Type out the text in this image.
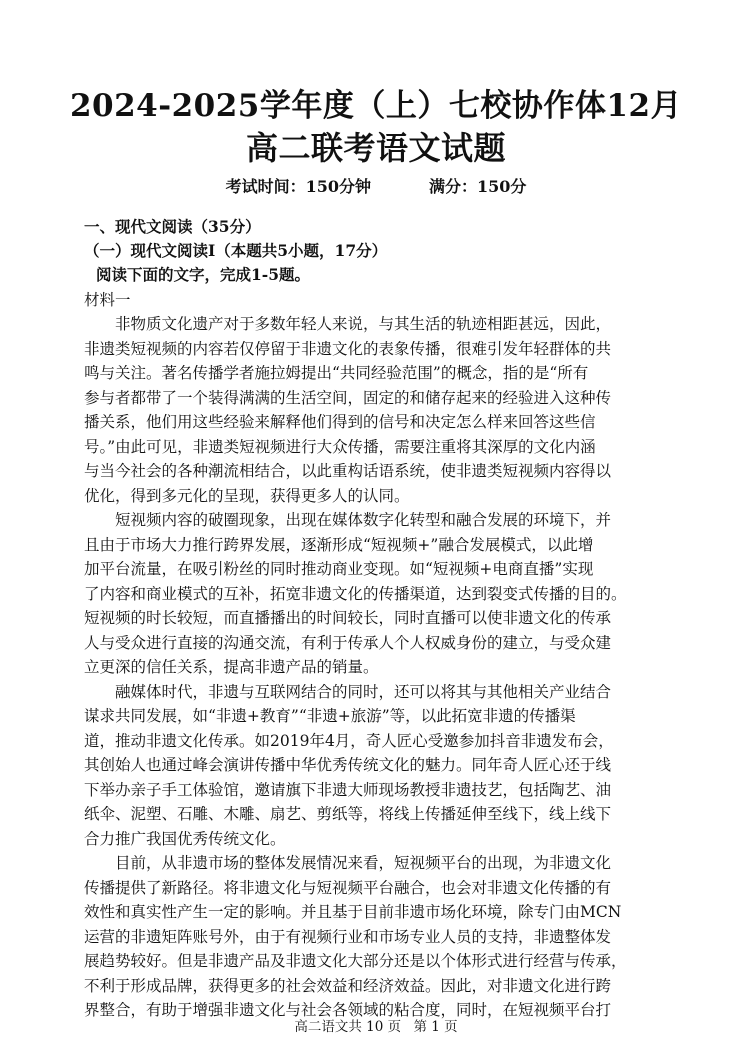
2024-2025学年度（上）七校协作体12月
高二联考语文试题
考试时间：150分钟	满分：150分
一、现代文阅读（35分）
（一）现代文阅读Ⅰ（本题共5小题，17分）
阅读下面的文字，完成1-5题。
材料一
　　非物质文化遗产对于多数年轻人来说，与其生活的轨迹相距甚远，因此，
非遗类短视频的内容若仅停留于非遗文化的表象传播，很难引发年轻群体的共
鸣与关注。著名传播学者施拉姆提出“共同经验范围”的概念，指的是“所有
参与者都带了一个装得满满的生活空间，固定的和储存起来的经验进入这种传
播关系，他们用这些经验来解释他们得到的信号和决定怎么样来回答这些信
号。”由此可见，非遗类短视频进行大众传播，需要注重将其深厚的文化内涵
与当今社会的各种潮流相结合，以此重构话语系统，使非遗类短视频内容得以
优化，得到多元化的呈现，获得更多人的认同。
　　短视频内容的破圈现象，出现在媒体数字化转型和融合发展的环境下，并
且由于市场大力推行跨界发展，逐渐形成“短视频+”融合发展模式，以此增
加平台流量，在吸引粉丝的同时推动商业变现。如“短视频+电商直播”实现
了内容和商业模式的互补，拓宽非遗文化的传播渠道，达到裂变式传播的目的。
短视频的时长较短，而直播播出的时间较长，同时直播可以使非遗文化的传承
人与受众进行直接的沟通交流，有利于传承人个人权威身份的建立，与受众建
立更深的信任关系，提高非遗产品的销量。
　　融媒体时代，非遗与互联网结合的同时，还可以将其与其他相关产业结合
谋求共同发展，如“非遗+教育”“非遗+旅游”等，以此拓宽非遗的传播渠
道，推动非遗文化传承。如2019年4月，奇人匠心受邀参加抖音非遗发布会，
其创始人也通过峰会演讲传播中华优秀传统文化的魅力。同年奇人匠心还于线
下举办亲子手工体验馆，邀请旗下非遗大师现场教授非遗技艺，包括陶艺、油
纸伞、泥塑、石雕、木雕、扇艺、剪纸等，将线上传播延伸至线下，线上线下
合力推广我国优秀传统文化。
　　目前，从非遗市场的整体发展情况来看，短视频平台的出现，为非遗文化
传播提供了新路径。将非遗文化与短视频平台融合，也会对非遗文化传播的有
效性和真实性产生一定的影响。并且基于目前非遗市场化环境，除专门由MCN
运营的非遗矩阵账号外，由于有视频行业和市场专业人员的支持，非遗整体发
展趋势较好。但是非遗产品及非遗文化大部分还是以个体形式进行经营与传承，
不利于形成品牌，获得更多的社会效益和经济效益。因此，对非遗文化进行跨
界整合，有助于增强非遗文化与社会各领域的粘合度，同时，在短视频平台打
高二语文共 10 页 第 1 页
